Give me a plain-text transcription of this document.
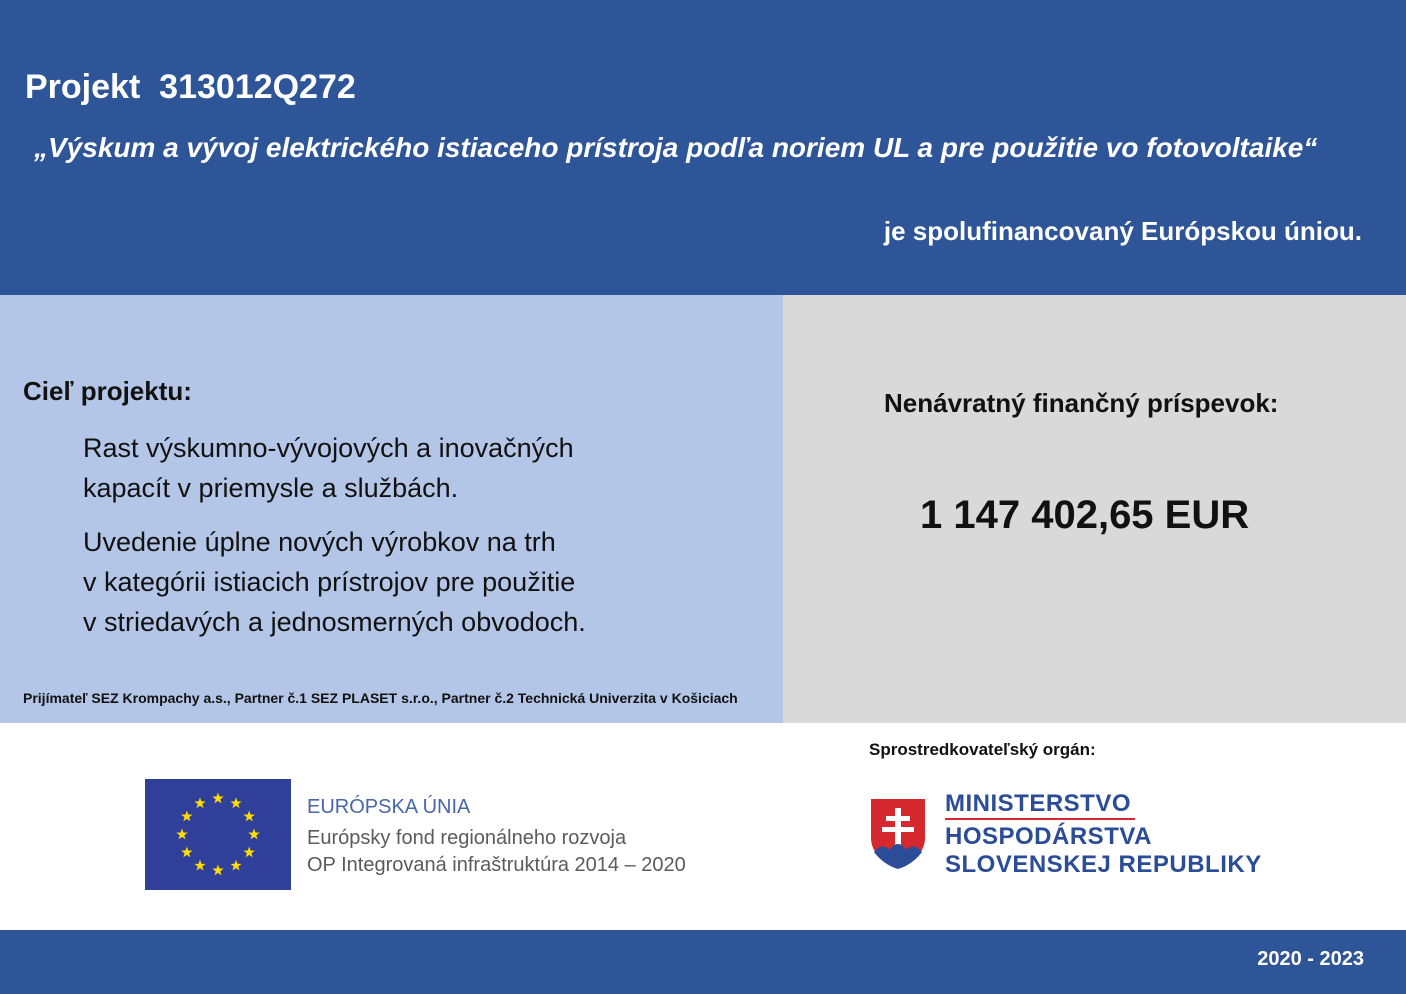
Projekt  313012Q272
„Výskum a vývoj elektrického istiaceho prístroja podľa noriem UL a pre použitie vo fotovoltaike“
je spolufinancovaný Európskou úniou.
Cieľ projektu:
Rast výskumno-vývojových a inovačných
kapacít v priemysle a službách.
Uvedenie úplne nových výrobkov na trh
v kategórii istiacich prístrojov pre použitie
v striedavých a jednosmerných obvodoch.
Prijímateľ SEZ Krompachy a.s., Partner č.1 SEZ PLASET s.r.o., Partner č.2 Technická Univerzita v Košiciach
Nenávratný finančný príspevok:
1 147 402,65 EUR
Sprostredkovateľský orgán:
EURÓPSKA ÚNIA
Európsky fond regionálneho rozvoja
OP Integrovaná infraštruktúra 2014 – 2020
MINISTERSTVO
HOSPODÁRSTVA
SLOVENSKEJ REPUBLIKY
2020 - 2023
